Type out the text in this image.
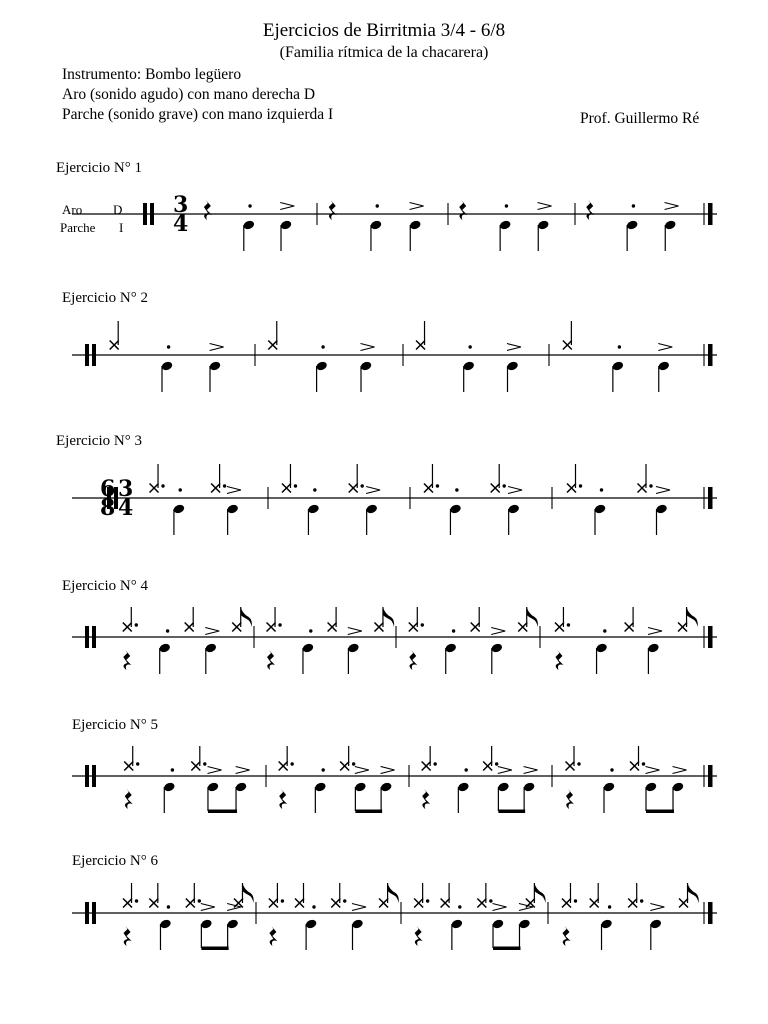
Ejercicios de Birritmia 3/4 - 6/8
(Familia rítmica de la chacarera)
Instrumento: Bombo legüero
Aro (sonido agudo) con mano derecha D
Parche (sonido grave) con mano izquierda I	Prof. Guillermo Ré
Ejercicio N° 1
Ejercicio N° 2
Ejercicio N° 3
Ejercicio N° 4
Ejercicio N° 5
Ejercicio N° 6
Aro D
Parche I
3
4
6
8
3
4
